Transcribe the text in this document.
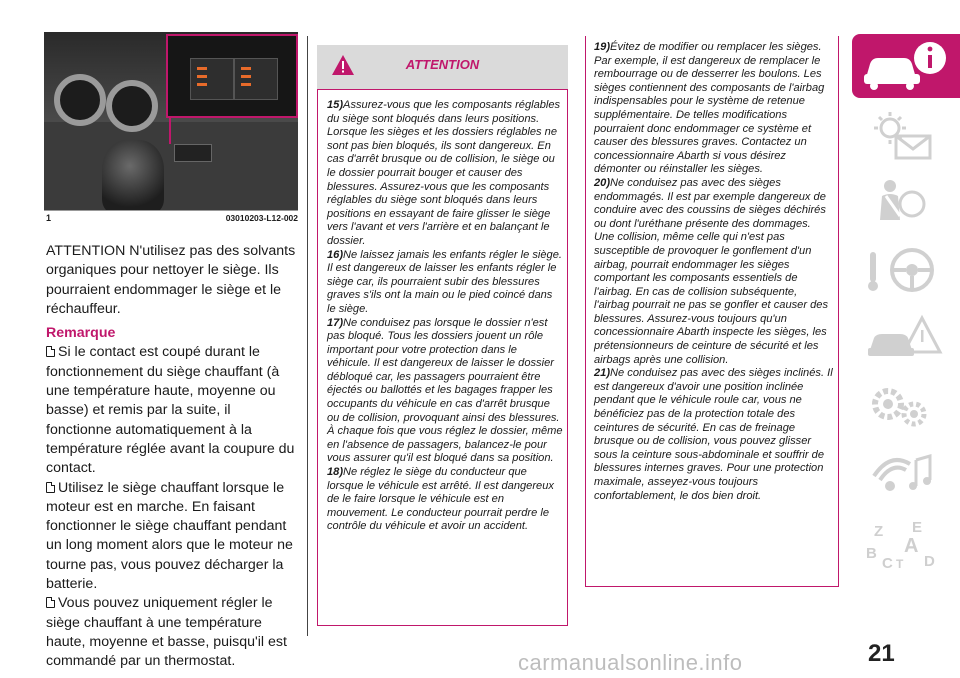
1	03010203-L12-002

ATTENTION N'utilisez pas des solvants organiques pour nettoyer le siège. Ils pourraient endommager le siège et le réchauffeur.

Remarque

Si le contact est coupé durant le fonctionnement du siège chauffant (à une température haute, moyenne ou basse) et remis par la suite, il fonctionne automatiquement à la température réglée avant la coupure du contact.

Utilisez le siège chauffant lorsque le moteur est en marche. En faisant fonctionner le siège chauffant pendant un long moment alors que le moteur ne tourne pas, vous pouvez décharger la batterie.

Vous pouvez uniquement régler le siège chauffant à une température haute, moyenne et basse, puisqu'il est commandé par un thermostat.

ATTENTION

15)Assurez-vous que les composants réglables du siège sont bloqués dans leurs positions. Lorsque les sièges et les dossiers réglables ne sont pas bien bloqués, ils sont dangereux. En cas d'arrêt brusque ou de collision, le siège ou le dossier pourrait bouger et causer des blessures. Assurez-vous que les composants réglables du siège sont bloqués dans leurs positions en essayant de faire glisser le siège vers l'avant et vers l'arrière et en balançant le dossier.

16)Ne laissez jamais les enfants régler le siège. Il est dangereux de laisser les enfants régler le siège car, ils pourraient subir des blessures graves s'ils ont la main ou le pied coincé dans le siège.

17)Ne conduisez pas lorsque le dossier n'est pas bloqué. Tous les dossiers jouent un rôle important pour votre protection dans le véhicule. Il est dangereux de laisser le dossier débloqué car, les passagers pourraient être éjectés ou ballottés et les bagages frapper les occupants du véhicule en cas d'arrêt brusque ou de collision, provoquant ainsi des blessures. À chaque fois que vous réglez le dossier, même en l'absence de passagers, balancez-le pour vous assurer qu'il est bloqué dans sa position.

18)Ne réglez le siège du conducteur que lorsque le véhicule est arrêté. Il est dangereux de le faire lorsque le véhicule est en mouvement. Le conducteur pourrait perdre le contrôle du véhicule et avoir un accident.

19)Évitez de modifier ou remplacer les sièges. Par exemple, il est dangereux de remplacer le rembourrage ou de desserrer les boulons. Les sièges contiennent des composants de l'airbag indispensables pour le système de retenue supplémentaire. De telles modifications pourraient donc endommager ce système et causer des blessures graves. Contactez un concessionnaire Abarth si vous désirez démonter ou réinstaller les sièges.

20)Ne conduisez pas avec des sièges endommagés. Il est par exemple dangereux de conduire avec des coussins de sièges déchirés ou dont l'uréthane présente des dommages. Une collision, même celle qui n'est pas susceptible de provoquer le gonflement d'un airbag, pourrait endommager les sièges comportant les composants essentiels de l'airbag. En cas de collision subséquente, l'airbag pourrait ne pas se gonfler et causer des blessures. Assurez-vous toujours qu'un concessionnaire Abarth inspecte les sièges, les prétensionneurs de ceinture de sécurité et les airbags après une collision.

21)Ne conduisez pas avec des sièges inclinés. Il est dangereux d'avoir une position inclinée pendant que le véhicule roule car, vous ne bénéficiez pas de la protection totale des ceintures de sécurité. En cas de freinage brusque ou de collision, vous pouvez glisser sous la ceinture sous-abdominale et souffrir de blessures internes graves. Pour une protection maximale, asseyez-vous toujours confortablement, le dos bien droit.

Z E
B A
C T D
21
carmanualsonline.info
